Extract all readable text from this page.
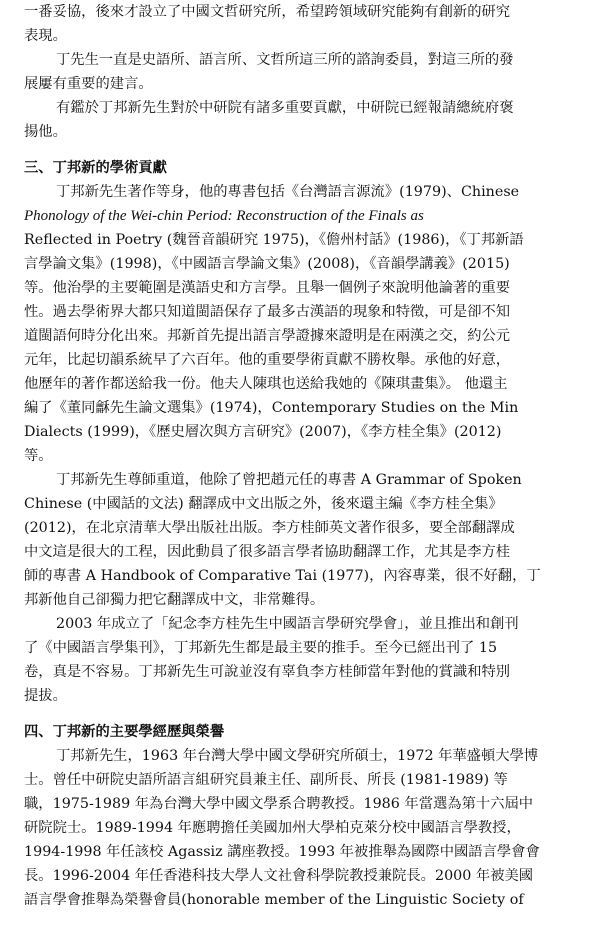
一番妥協，後來才設立了中國文哲研究所，希望跨領域研究能夠有創新的研究
表現。
丁先生一直是史語所、語言所、文哲所這三所的諮詢委員，對這三所的發
展屢有重要的建言。
有鑑於丁邦新先生對於中研院有諸多重要貢獻，中研院已經報請總統府褒
揚他。
三、丁邦新的學術貢獻
丁邦新先生著作等身，他的專書包括《台灣語言源流》(1979)、Chinese
Phonology of the Wei-chin Period: Reconstruction of the Finals as
Reflected in Poetry (魏晉音韻研究 1975)，《儋州村話》(1986)，《丁邦新語
言學論文集》(1998)，《中國語言學論文集》(2008)，《音韻學講義》(2015)
等。他治學的主要範圍是漢語史和方言學。且舉一個例子來說明他論著的重要
性。過去學術界大都只知道閩語保存了最多古漢語的現象和特徵，可是卻不知
道閩語何時分化出來。邦新首先提出語言學證據來證明是在兩漢之交，約公元
元年，比起切韻系統早了六百年。他的重要學術貢獻不勝枚舉。承他的好意，
他歷年的著作都送給我一份。他夫人陳琪也送給我她的《陳琪畫集》。 他還主
編了《董同龢先生論文選集》(1974)，Contemporary Studies on the Min
Dialects (1999)，《歷史層次與方言研究》(2007)，《李方桂全集》(2012)
等。
丁邦新先生尊師重道，他除了曾把趙元任的專書 A Grammar of Spoken
Chinese (中國話的文法) 翻譯成中文出版之外，後來還主編《李方桂全集》
(2012)，在北京清華大學出版社出版。李方桂師英文著作很多，要全部翻譯成
中文這是很大的工程，因此動員了很多語言學者協助翻譯工作，尤其是李方桂
師的專書 A Handbook of Comparative Tai (1977)，內容專業，很不好翻，丁
邦新他自己卻獨力把它翻譯成中文，非常難得。
2003 年成立了「紀念李方桂先生中國語言學研究學會」，並且推出和創刊
了《中國語言學集刊》，丁邦新先生都是最主要的推手。至今已經出刊了 15
卷，真是不容易。丁邦新先生可說並沒有辜負李方桂師當年對他的賞識和特別
提拔。
四、丁邦新的主要學經歷與榮譽
丁邦新先生，1963 年台灣大學中國文學研究所碩士，1972 年華盛頓大學博
士。曾任中研院史語所語言組研究員兼主任、副所長、所長 (1981-1989) 等
職，1975-1989 年為台灣大學中國文學系合聘教授。1986 年當選為第十六屆中
研院院士。1989-1994 年應聘擔任美國加州大學柏克萊分校中國語言學教授，
1994-1998 年任該校 Agassiz 講座教授。1993 年被推舉為國際中國語言學會會
長。1996-2004 年任香港科技大學人文社會科學院教授兼院長。2000 年被美國
語言學會推舉為榮譽會員(honorable member of the Linguistic Society of
